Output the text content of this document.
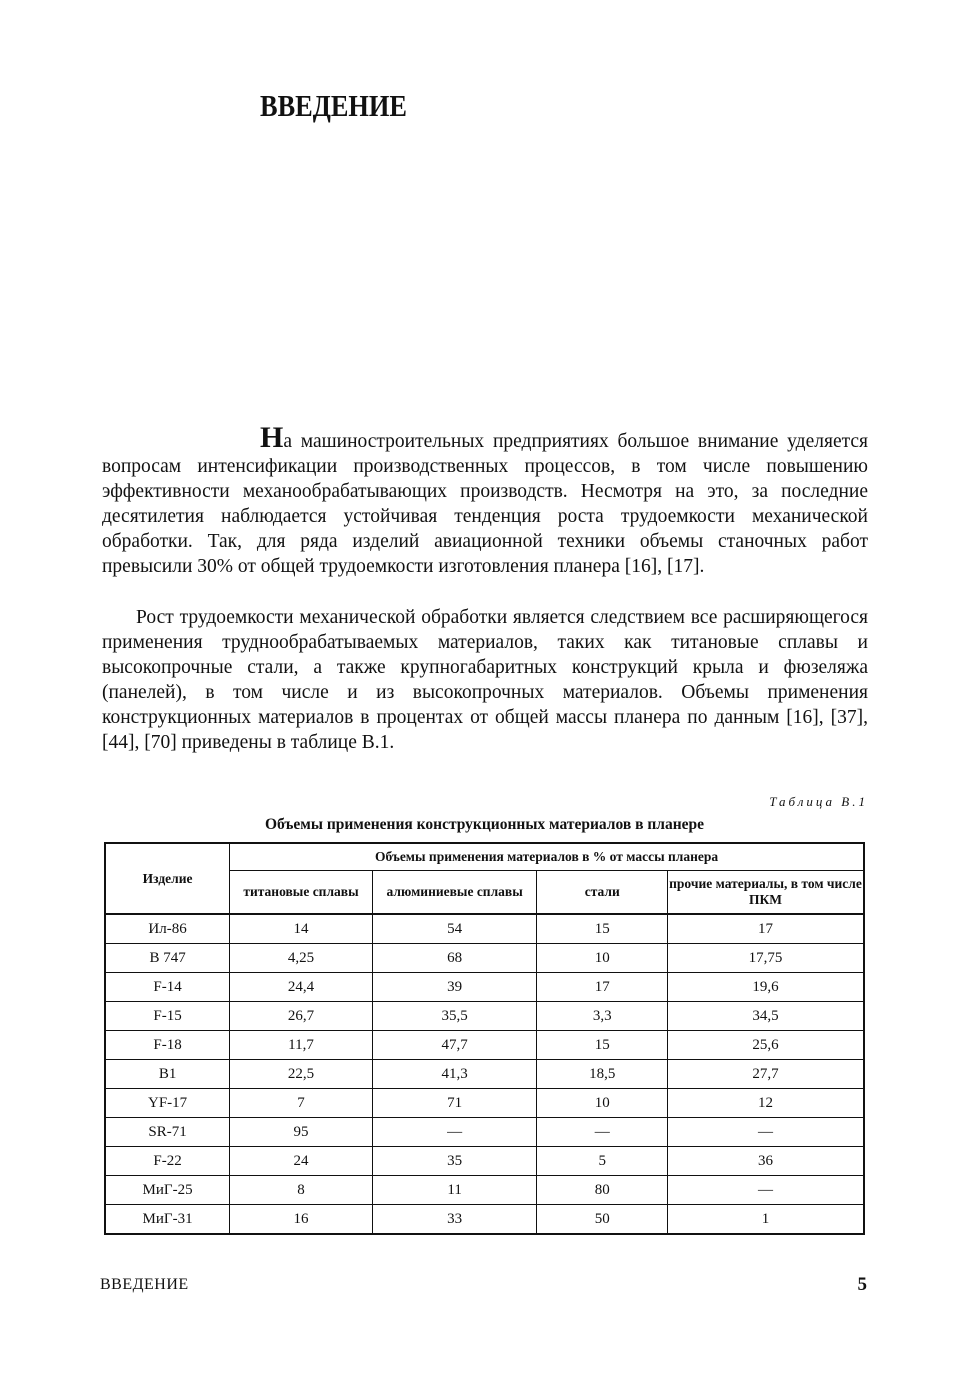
ВВЕДЕНИЕ
На машиностроительных предприятиях большое внимание уделяется вопросам интенсификации производственных процессов, в том числе повышению эффективности механообрабатывающих производств. Несмотря на это, за последние десятилетия наблюдается устойчивая тенденция роста трудоемкости механической обработки. Так, для ряда изделий авиационной техники объемы станочных работ превысили 30% от общей трудоемкости изготовления планера [16], [17].
Рост трудоемкости механической обработки является следствием все расширяющегося применения труднообрабатываемых материалов, таких как титановые сплавы и высокопрочные стали, а также крупногабаритных конструкций крыла и фюзеляжа (панелей), в том числе и из высокопрочных материалов. Объемы применения конструкционных материалов в процентах от общей массы планера по данным [16], [37], [44], [70] приведены в таблице В.1.
Таблица В.1
Объемы применения конструкционных материалов в планере
Изделие	Объемы применения материалов в % от массы планера			
	титановые сплавы	алюминиевые сплавы	стали	прочие материалы, в том числе ПКМ
Ил-86	14	54	15	17
B 747	4,25	68	10	17,75
F-14	24,4	39	17	19,6
F-15	26,7	35,5	3,3	34,5
F-18	11,7	47,7	15	25,6
B1	22,5	41,3	18,5	27,7
YF-17	7	71	10	12
SR-71	95	—	—	—
F-22	24	35	5	36
МиГ-25	8	11	80	—
МиГ-31	16	33	50	1
ВВЕДЕНИЕ	5
